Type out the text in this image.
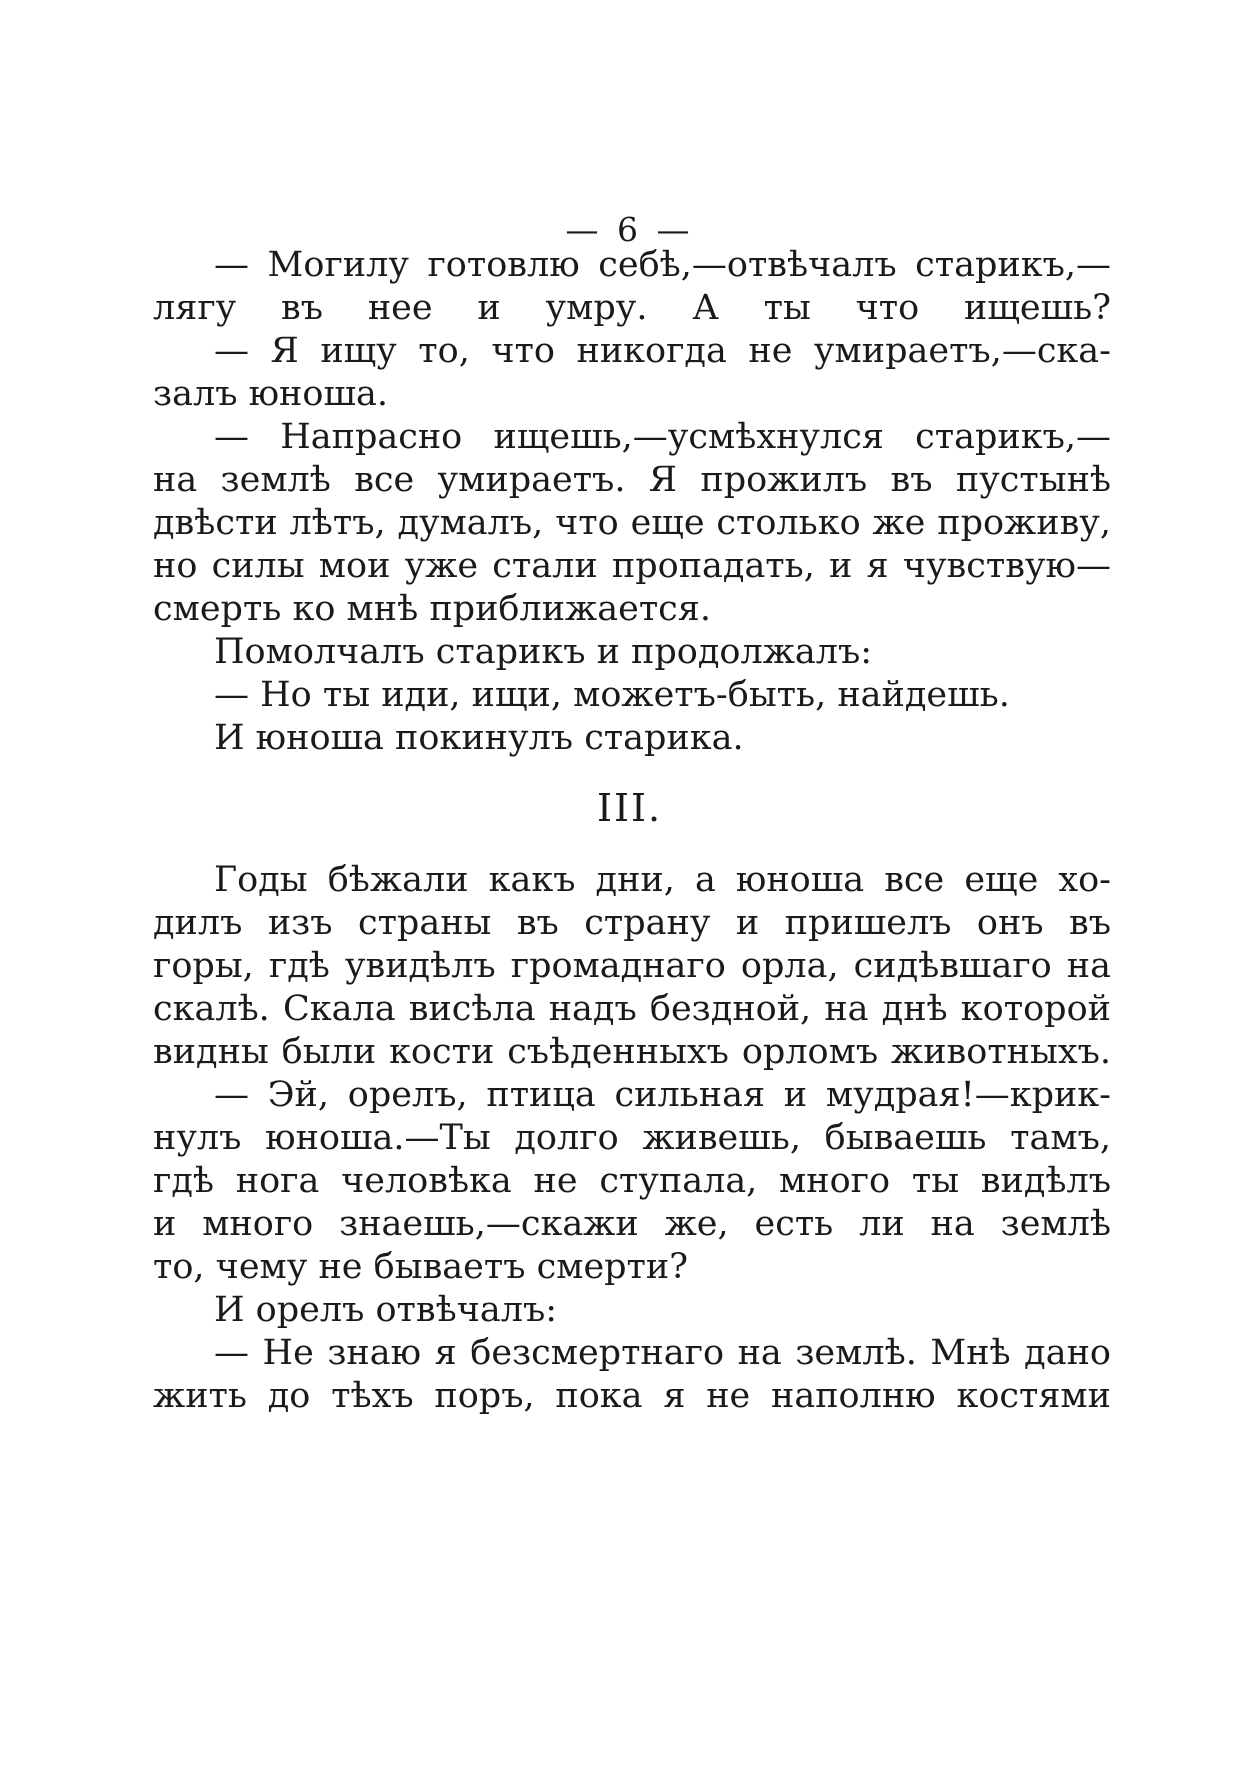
— 6 —
— Могилу готовлю себѣ,—отвѣчалъ старикъ,—
лягу въ нее и умру. А ты что ищешь?
— Я ищу то, что никогда не умираетъ,—ска-
залъ юноша.
— Напрасно ищешь,—усмѣхнулся старикъ,—
на землѣ все умираетъ. Я прожилъ въ пустынѣ
двѣсти лѣтъ, думалъ, что еще столько же проживу,
но силы мои уже стали пропадать, и я чувствую—
смерть ко мнѣ приближается.
Помолчалъ старикъ и продолжалъ:
— Но ты иди, ищи, можетъ-быть, найдешь.
И юноша покинулъ старика.
III.
Годы бѣжали какъ дни, а юноша все еще хо-
дилъ изъ страны въ страну и пришелъ онъ въ
горы, гдѣ увидѣлъ громаднаго орла, сидѣвшаго на
скалѣ. Скала висѣла надъ бездной, на днѣ которой
видны были кости съѣденныхъ орломъ животныхъ.
— Эй, орелъ, птица сильная и мудрая!—крик-
нулъ юноша.—Ты долго живешь, бываешь тамъ,
гдѣ нога человѣка не ступала, много ты видѣлъ
и много знаешь,—скажи же, есть ли на землѣ
то, чему не бываетъ смерти?
И орелъ отвѣчалъ:
— Не знаю я безсмертнаго на землѣ. Мнѣ дано
жить до тѣхъ поръ, пока я не наполню костями
